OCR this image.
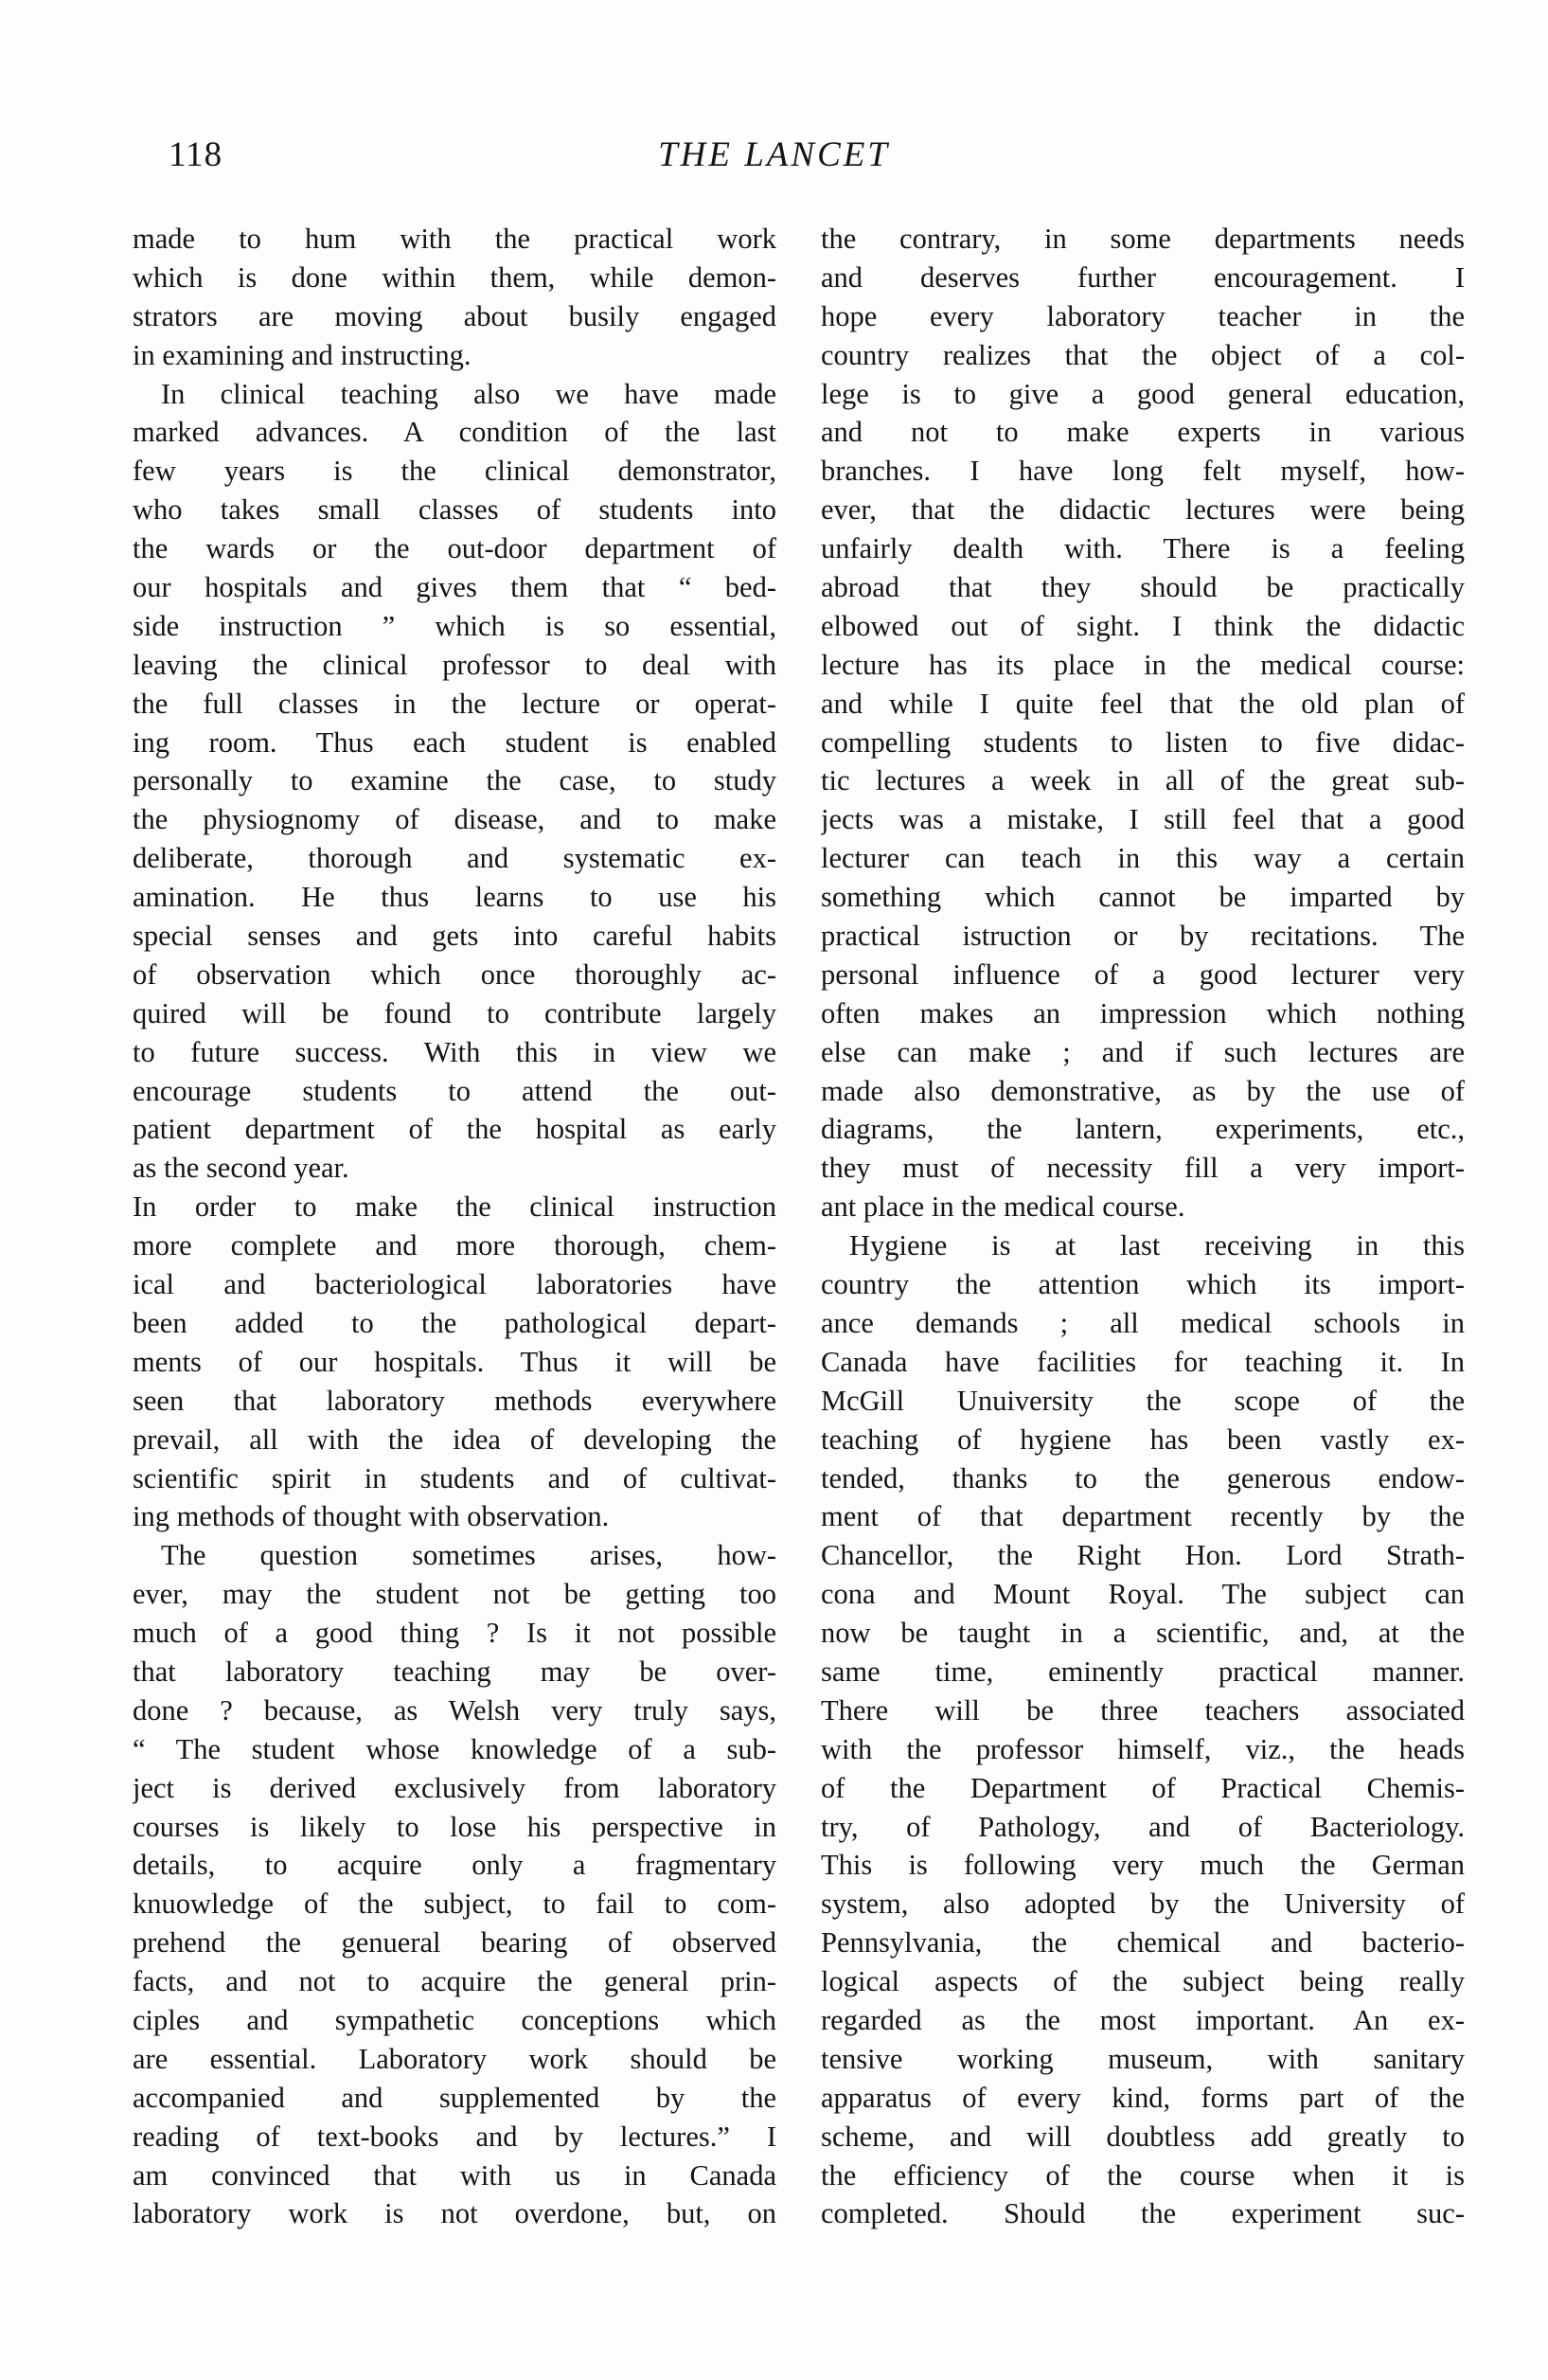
118	THE LANCET
made to hum with the practical work
which is done within them, while demon-
strators are moving about busily engaged
in examining and instructing.
In clinical teaching also we have made
marked advances. A condition of the last
few years is the clinical demonstrator,
who takes small classes of students into
the wards or the out-door department of
our hospitals and gives them that “ bed-
side instruction ” which is so essential,
leaving the clinical professor to deal with
the full classes in the lecture or operat-
ing room. Thus each student is enabled
personally to examine the case, to study
the physiognomy of disease, and to make
deliberate, thorough and systematic ex-
amination. He thus learns to use his
special senses and gets into careful habits
of observation which once thoroughly ac-
quired will be found to contribute largely
to future success. With this in view we
encourage students to attend the out-
patient department of the hospital as early
as the second year.
In order to make the clinical instruction
more complete and more thorough, chem-
ical and bacteriological laboratories have
been added to the pathological depart-
ments of our hospitals. Thus it will be
seen that laboratory methods everywhere
prevail, all with the idea of developing the
scientific spirit in students and of cultivat-
ing methods of thought with observation.
The question sometimes arises, how-
ever, may the student not be getting too
much of a good thing ? Is it not possible
that laboratory teaching may be over-
done ? because, as Welsh very truly says,
“ The student whose knowledge of a sub-
ject is derived exclusively from laboratory
courses is likely to lose his perspective in
details, to acquire only a fragmentary
knuowledge of the subject, to fail to com-
prehend the genueral bearing of observed
facts, and not to acquire the general prin-
ciples and sympathetic conceptions which
are essential. Laboratory work should be
accompanied and supplemented by the
reading of text-books and by lectures.” I
am convinced that with us in Canada
laboratory work is not overdone, but, on
the contrary, in some departments needs
and deserves further encouragement. I
hope every laboratory teacher in the
country realizes that the object of a col-
lege is to give a good general education,
and not to make experts in various
branches. I have long felt myself, how-
ever, that the didactic lectures were being
unfairly dealth with. There is a feeling
abroad that they should be practically
elbowed out of sight. I think the didactic
lecture has its place in the medical course:
and while I quite feel that the old plan of
compelling students to listen to five didac-
tic lectures a week in all of the great sub-
jects was a mistake, I still feel that a good
lecturer can teach in this way a certain
something which cannot be imparted by
practical istruction or by recitations. The
personal influence of a good lecturer very
often makes an impression which nothing
else can make ; and if such lectures are
made also demonstrative, as by the use of
diagrams, the lantern, experiments, etc.,
they must of necessity fill a very import-
ant place in the medical course.
Hygiene is at last receiving in this
country the attention which its import-
ance demands ; all medical schools in
Canada have facilities for teaching it. In
McGill Unuiversity the scope of the
teaching of hygiene has been vastly ex-
tended, thanks to the generous endow-
ment of that department recently by the
Chancellor, the Right Hon. Lord Strath-
cona and Mount Royal. The subject can
now be taught in a scientific, and, at the
same time, eminently practical manner.
There will be three teachers associated
with the professor himself, viz., the heads
of the Department of Practical Chemis-
try, of Pathology, and of Bacteriology.
This is following very much the German
system, also adopted by the University of
Pennsylvania, the chemical and bacterio-
logical aspects of the subject being really
regarded as the most important. An ex-
tensive working museum, with sanitary
apparatus of every kind, forms part of the
scheme, and will doubtless add greatly to
the efficiency of the course when it is
completed. Should the experiment suc-
